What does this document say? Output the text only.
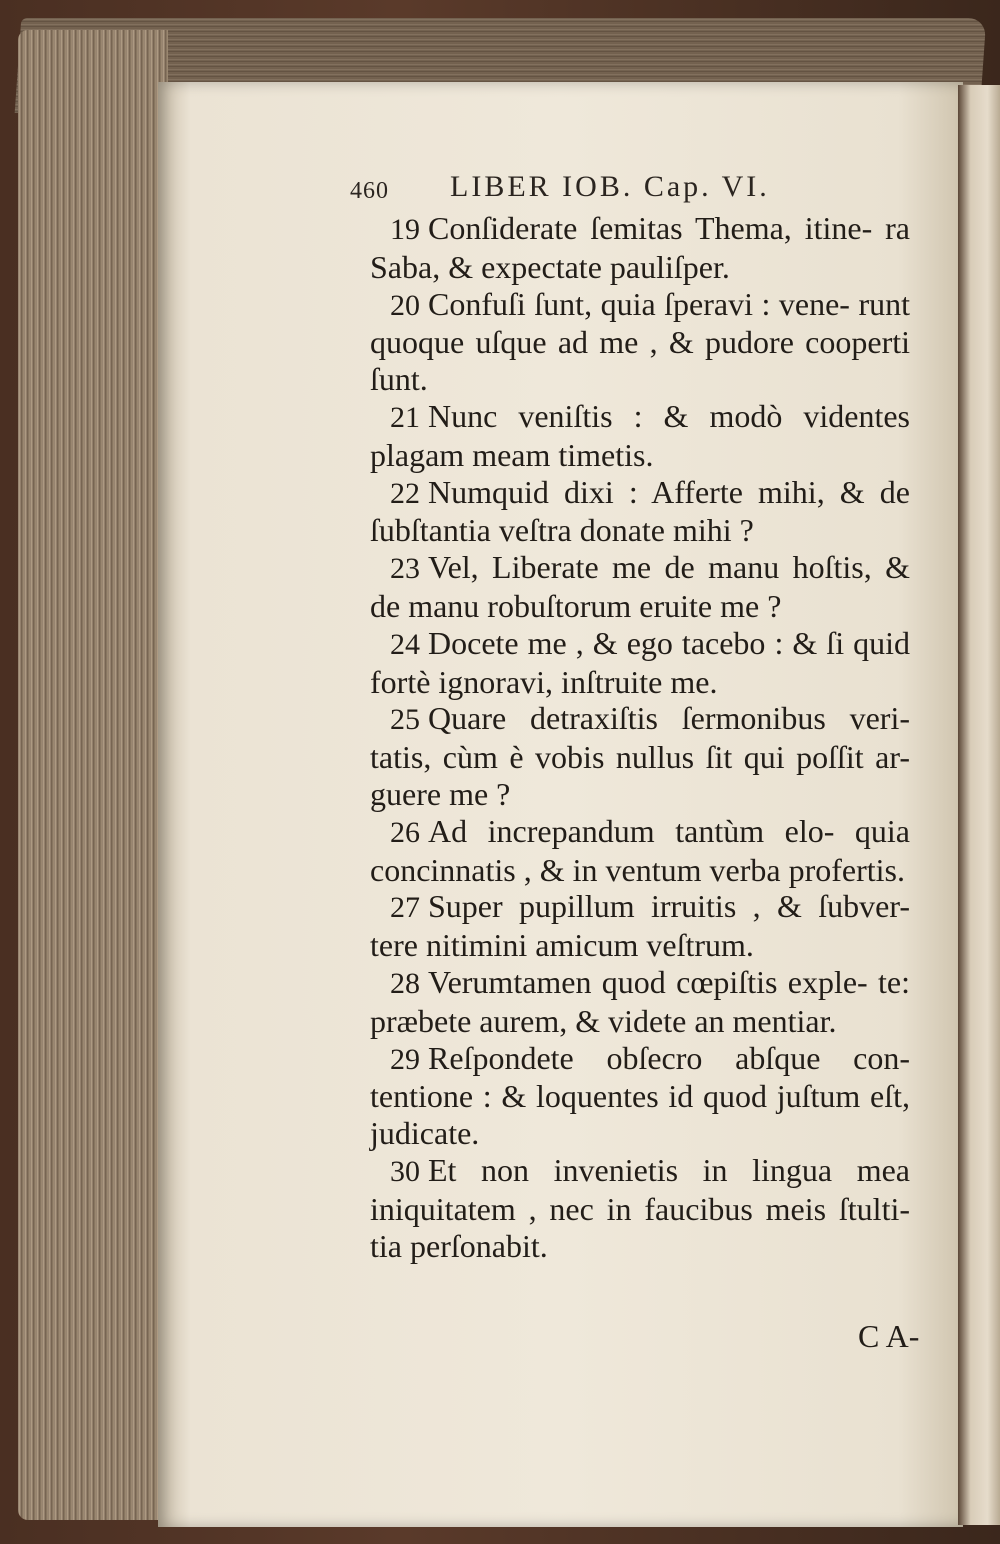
460 LIBER IOB. Cap. VI.

19 Conſiderate ſemitas Thema, itine- ra Saba, & expectate pauliſper.

20 Confuſi ſunt, quia ſperavi : vene- runt quoque uſque ad me , & pudore cooperti ſunt.

21 Nunc veniſtis : & modò videntes plagam meam timetis.

22 Numquid dixi : Afferte mihi, & de ſubſtantia veſtra donate mihi ?

23 Vel, Liberate me de manu hoſtis, & de manu robuſtorum eruite me ?

24 Docete me , & ego tacebo : & ſi quid fortè ignoravi, inſtruite me.

25 Quare detraxiſtis ſermonibus veri- tatis, cùm è vobis nullus ſit qui poſſit ar- guere me ?

26 Ad increpandum tantùm elo- quia concinnatis , & in ventum verba profertis.

27 Super pupillum irruitis , & ſubver- tere nitimini amicum veſtrum.

28 Verumtamen quod cœpiſtis exple- te: præbete aurem, & videte an mentiar.

29 Reſpondete obſecro abſque con- tentione : & loquentes id quod juſtum eſt, judicate.

30 Et non invenietis in lingua mea iniquitatem , nec in faucibus meis ſtulti- tia perſonabit.

C A-
